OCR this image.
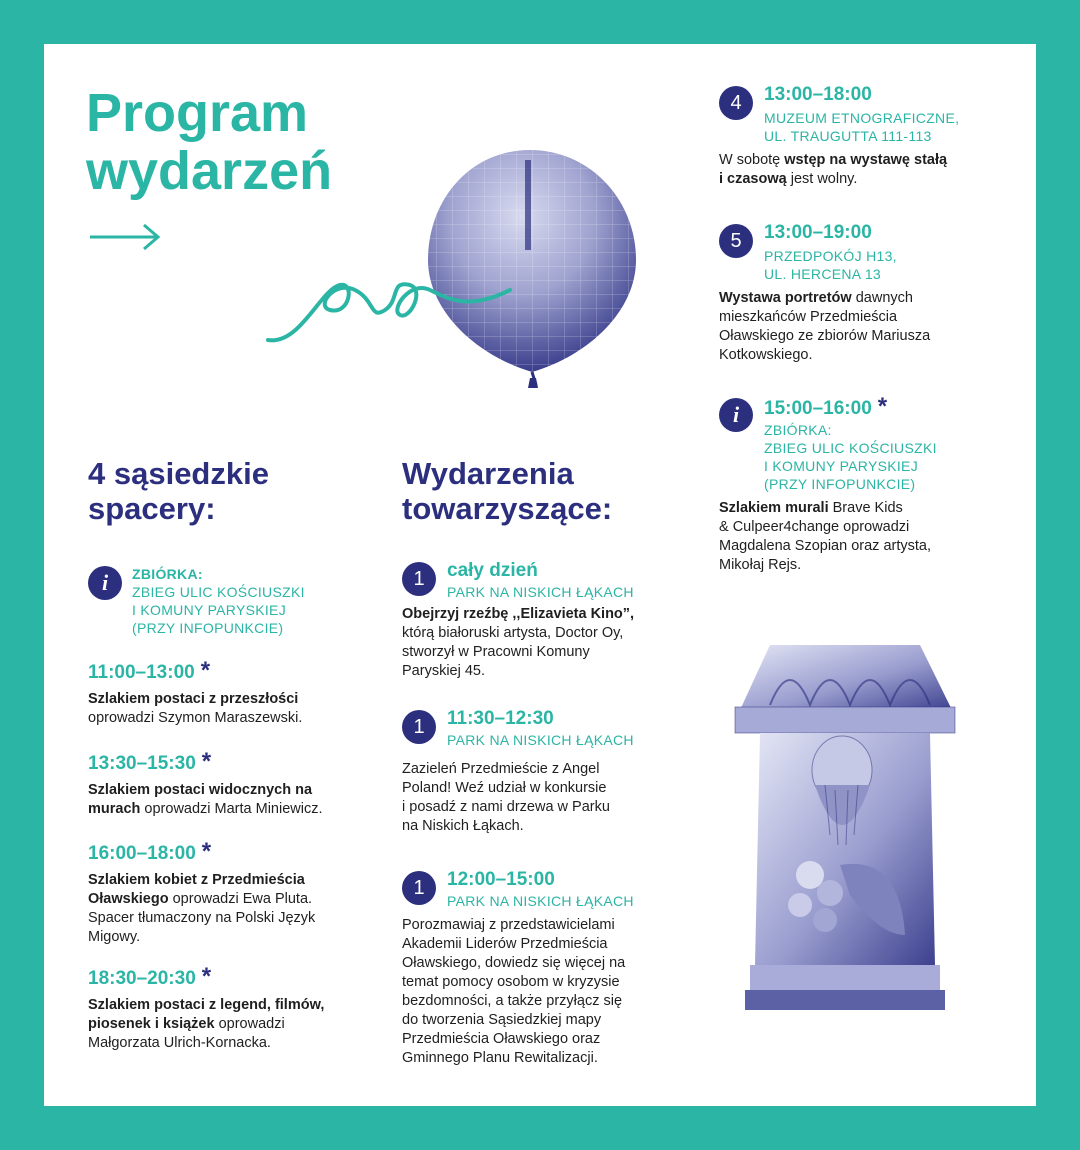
Program
wydarzeń
4 sąsiedzkie
spacery:
i	ZBIÓRKA:
ZBIEG ULIC KOŚCIUSZKI
I KOMUNY PARYSKIEJ
(PRZY INFOPUNKCIE)
11:00–13:00 *
Szlakiem postaci z przeszłości
oprowadzi Szymon Maraszewski.
13:30–15:30 *
Szlakiem postaci widocznych na
murach oprowadzi Marta Miniewicz.
16:00–18:00 *
Szlakiem kobiet z Przedmieścia
Oławskiego oprowadzi Ewa Pluta.
Spacer tłumaczony na Polski Język
Migowy.
18:30–20:30 *
Szlakiem postaci z legend, filmów,
piosenek i książek oprowadzi
Małgorzata Ulrich-Kornacka.
Wydarzenia
towarzyszące:
1	cały dzień
PARK NA NISKICH ŁĄKACH
Obejrzyj rzeźbę ,,Elizavieta Kino”,
którą białoruski artysta, Doctor Oy,
stworzył w Pracowni Komuny
Paryskiej 45.
1	11:30–12:30
PARK NA NISKICH ŁĄKACH
Zazieleń Przedmieście z Angel
Poland! Weź udział w konkursie
i posadź z nami drzewa w Parku
na Niskich Łąkach.
1	12:00–15:00
PARK NA NISKICH ŁĄKACH
Porozmawiaj z przedstawicielami
Akademii Liderów Przedmieścia
Oławskiego, dowiedz się więcej na
temat pomocy osobom w kryzysie
bezdomności, a także przyłącz się
do tworzenia Sąsiedzkiej mapy
Przedmieścia Oławskiego oraz
Gminnego Planu Rewitalizacji.
4	13:00–18:00
MUZEUM ETNOGRAFICZNE,
UL. TRAUGUTTA 111-113
W sobotę wstęp na wystawę stałą
i czasową jest wolny.
5	13:00–19:00
PRZEDPOKÓJ H13,
UL. HERCENA 13
Wystawa portretów dawnych
mieszkańców Przedmieścia
Oławskiego ze zbiorów Mariusza
Kotkowskiego.
i	15:00–16:00 *
ZBIÓRKA:
ZBIEG ULIC KOŚCIUSZKI
I KOMUNY PARYSKIEJ
(PRZY INFOPUNKCIE)
Szlakiem murali Brave Kids
& Culpeer4change oprowadzi
Magdalena Szopian oraz artysta,
Mikołaj Rejs.
